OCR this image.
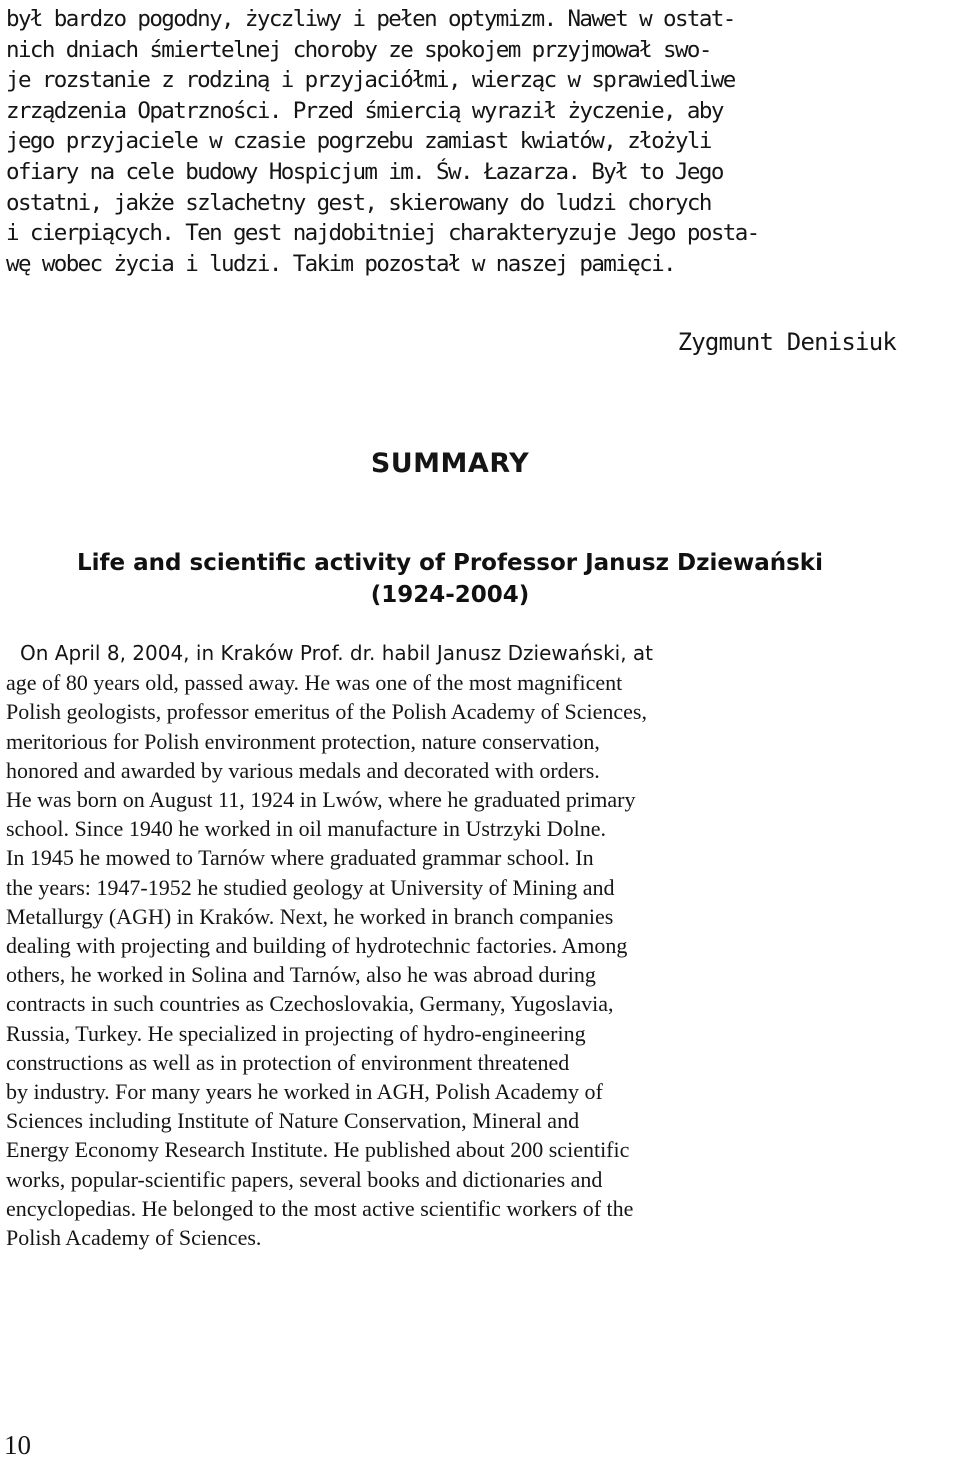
był bardzo pogodny, życzliwy i pełen optymizm. Nawet w ostat-
nich dniach śmiertelnej choroby ze spokojem przyjmował swo-
je rozstanie z rodziną i przyjaciółmi, wierząc w sprawiedliwe
zrządzenia Opatrzności. Przed śmiercią wyraził życzenie, aby
jego przyjaciele w czasie pogrzebu zamiast kwiatów, złożyli
ofiary na cele budowy Hospicjum im. Św. Łazarza. Był to Jego
ostatni, jakże szlachetny gest, skierowany do ludzi chorych
i cierpiących. Ten gest najdobitniej charakteryzuje Jego posta-
wę wobec życia i ludzi. Takim pozostał w naszej pamięci.

Zygmunt Denisiuk

SUMMARY
Life and scientific activity of Professor Janusz Dziewański
(1924-2004)

On April 8, 2004, in Kraków Prof. dr. habil Janusz Dziewański, at
age of 80 years old, passed away. He was one of the most magnificent
Polish geologists, professor emeritus of the Polish Academy of Sciences,
meritorious for Polish environment protection, nature conservation,
honored and awarded by various medals and decorated with orders.
He was born on August 11, 1924 in Lwów, where he graduated primary
school. Since 1940 he worked in oil manufacture in Ustrzyki Dolne.
In 1945 he mowed to Tarnów where graduated grammar school. In
the years: 1947-1952 he studied geology at University of Mining and
Metallurgy (AGH) in Kraków. Next, he worked in branch companies
dealing with projecting and building of hydrotechnic factories. Among
others, he worked in Solina and Tarnów, also he was abroad during
contracts in such countries as Czechoslovakia, Germany, Yugoslavia,
Russia, Turkey. He specialized in projecting of hydro-engineering
constructions as well as in protection of environment threatened
by industry. For many years he worked in AGH, Polish Academy of
Sciences including Institute of Nature Conservation, Mineral and
Energy Economy Research Institute. He published about 200 scientific
works, popular-scientific papers, several books and dictionaries and
encyclopedias. He belonged to the most active scientific workers of the
Polish Academy of Sciences.

10
